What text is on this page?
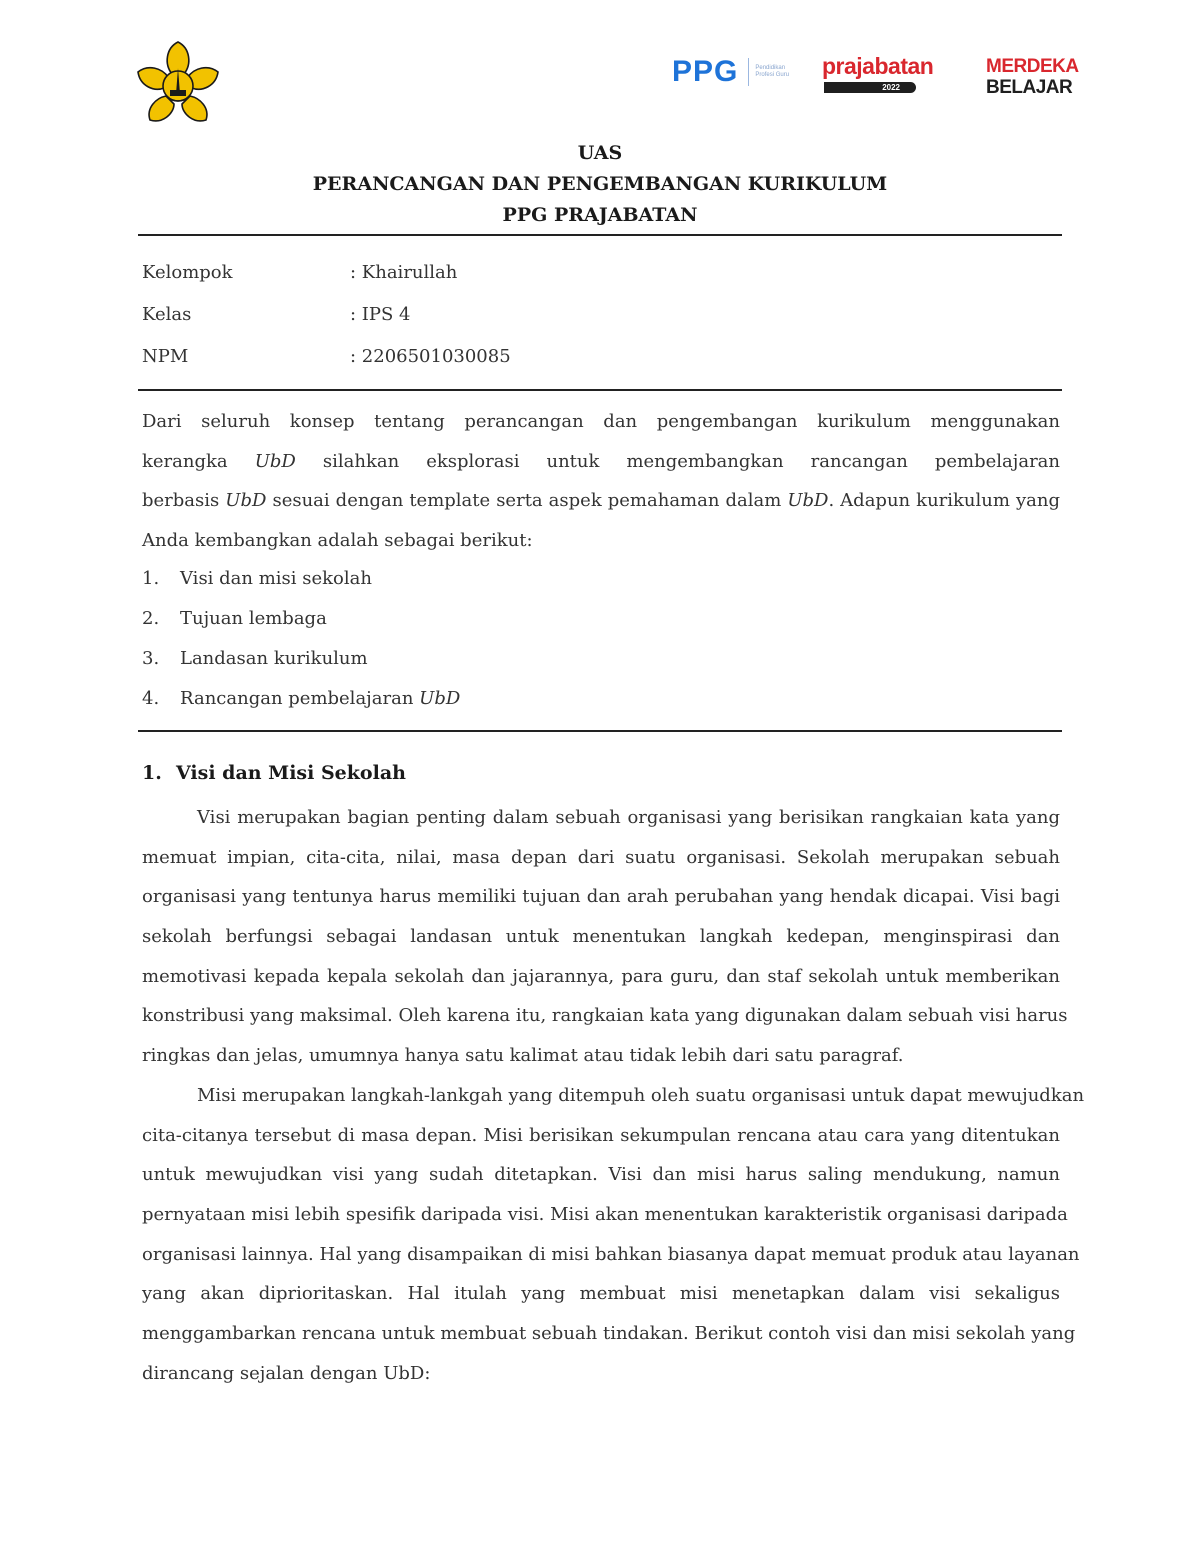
PPG	Pendidikan Profesi Guru prajabatan
2022
MERDEKA
BELAJAR
UAS
PERANCANGAN DAN PENGEMBANGAN KURIKULUM
PPG PRAJABATAN
Kelompok	: Khairullah
Kelas	: IPS 4
NPM	: 2206501030085
Dari seluruh konsep tentang perancangan dan pengembangan kurikulum menggunakan
kerangka UbD silahkan eksplorasi untuk mengembangkan rancangan pembelajaran
berbasis UbD sesuai dengan template serta aspek pemahaman dalam UbD. Adapun kurikulum yang
Anda kembangkan adalah sebagai berikut:
1. Visi dan misi sekolah
2. Tujuan lembaga
3. Landasan kurikulum
4. Rancangan pembelajaran UbD
1. Visi dan Misi Sekolah
Visi merupakan bagian penting dalam sebuah organisasi yang berisikan rangkaian kata yang
memuat impian, cita-cita, nilai, masa depan dari suatu organisasi. Sekolah merupakan sebuah
organisasi yang tentunya harus memiliki tujuan dan arah perubahan yang hendak dicapai. Visi bagi
sekolah berfungsi sebagai landasan untuk menentukan langkah kedepan, menginspirasi dan
memotivasi kepada kepala sekolah dan jajarannya, para guru, dan staf sekolah untuk memberikan
konstribusi yang maksimal. Oleh karena itu, rangkaian kata yang digunakan dalam sebuah visi harus
ringkas dan jelas, umumnya hanya satu kalimat atau tidak lebih dari satu paragraf.
Misi merupakan langkah-lankgah yang ditempuh oleh suatu organisasi untuk dapat mewujudkan
cita-citanya tersebut di masa depan. Misi berisikan sekumpulan rencana atau cara yang ditentukan
untuk mewujudkan visi yang sudah ditetapkan. Visi dan misi harus saling mendukung, namun
pernyataan misi lebih spesifik daripada visi. Misi akan menentukan karakteristik organisasi daripada
organisasi lainnya. Hal yang disampaikan di misi bahkan biasanya dapat memuat produk atau layanan
yang akan diprioritaskan. Hal itulah yang membuat misi menetapkan dalam visi sekaligus
menggambarkan rencana untuk membuat sebuah tindakan. Berikut contoh visi dan misi sekolah yang
dirancang sejalan dengan UbD:
